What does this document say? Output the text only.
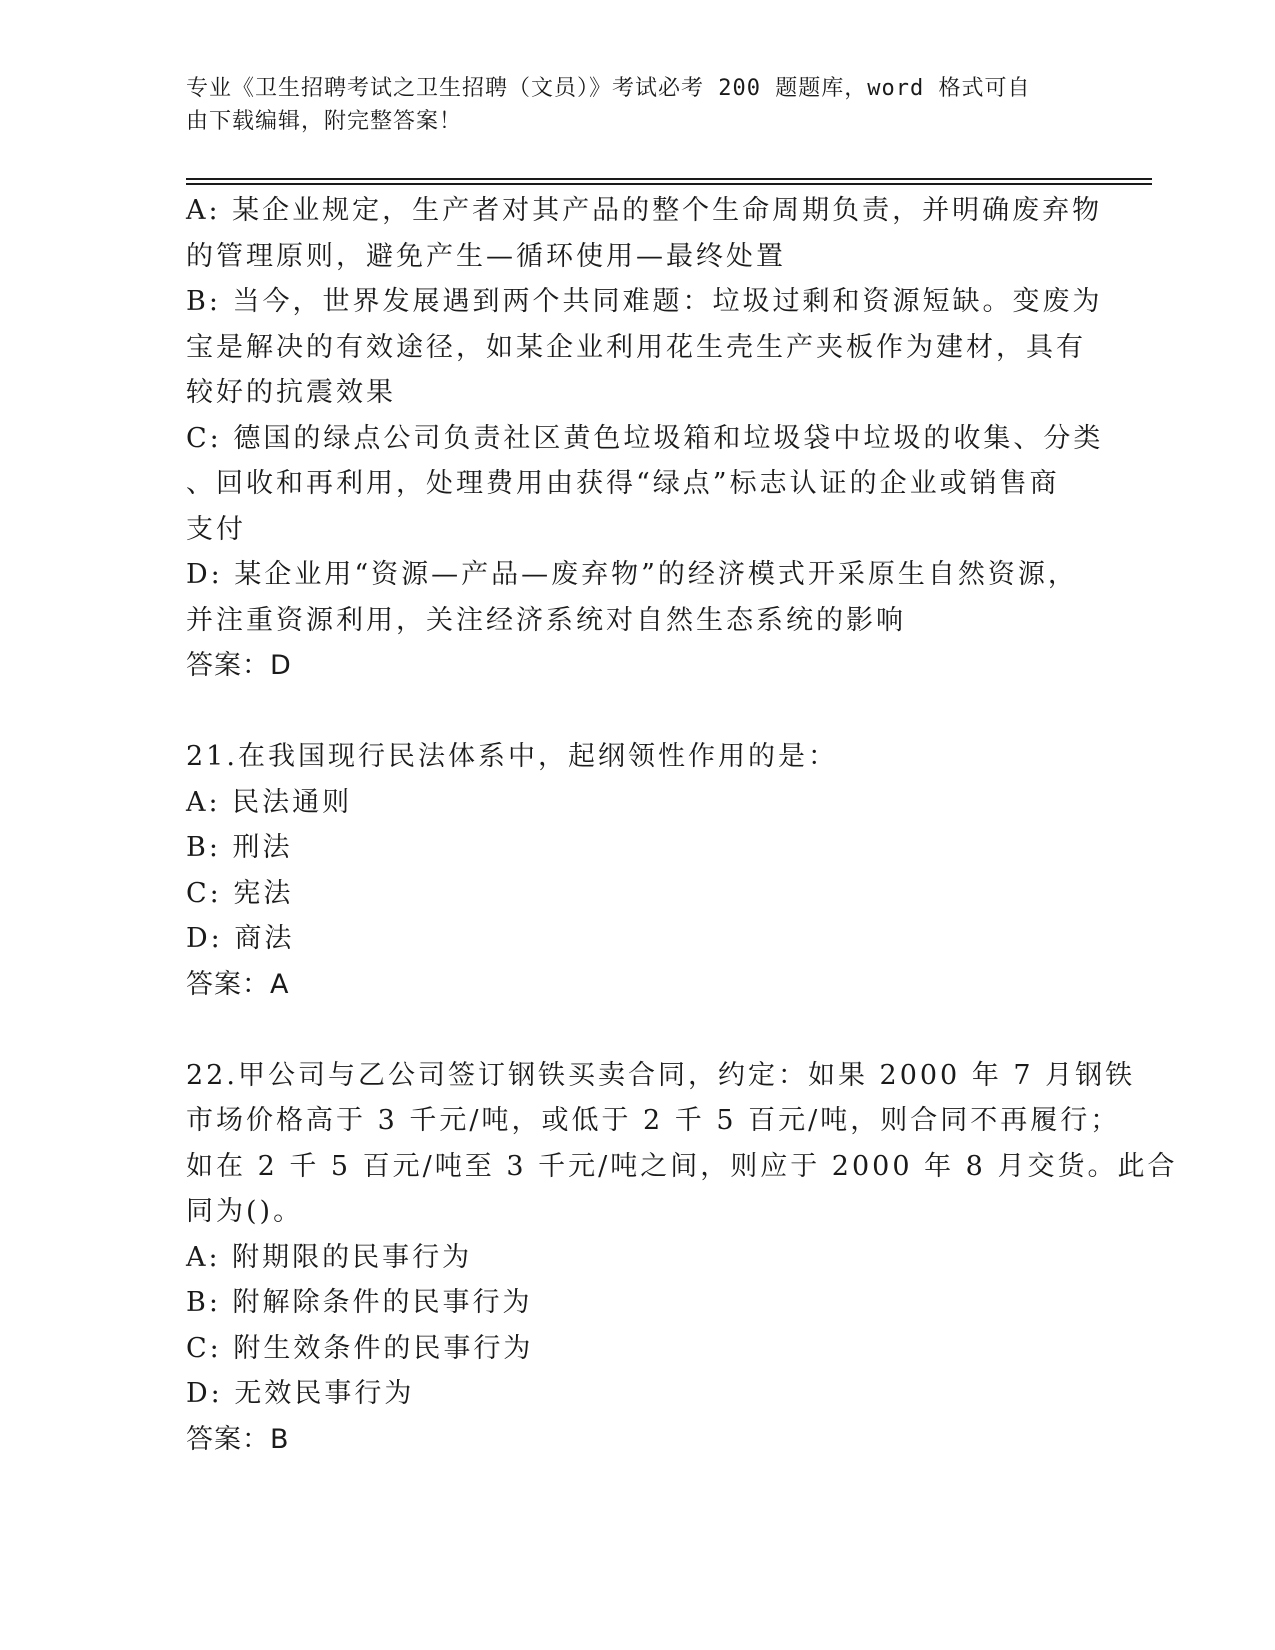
专业《卫生招聘考试之卫生招聘（文员）》考试必考 200 题题库，word 格式可自
由下载编辑，附完整答案！
A: 某企业规定，生产者对其产品的整个生命周期负责，并明确废弃物
的管理原则，避免产生—循环使用—最终处置
B: 当今，世界发展遇到两个共同难题：垃圾过剩和资源短缺。变废为
宝是解决的有效途径，如某企业利用花生壳生产夹板作为建材，具有
较好的抗震效果
C: 德国的绿点公司负责社区黄色垃圾箱和垃圾袋中垃圾的收集、分类
、回收和再利用，处理费用由获得“绿点”标志认证的企业或销售商
支付
D: 某企业用“资源—产品—废弃物”的经济模式开采原生自然资源，
并注重资源利用，关注经济系统对自然生态系统的影响
答案：D
21.在我国现行民法体系中，起纲领性作用的是：
A: 民法通则
B: 刑法
C: 宪法
D: 商法
答案：A
22.甲公司与乙公司签订钢铁买卖合同，约定：如果 2000 年 7 月钢铁
市场价格高于 3 千元/吨，或低于 2 千 5 百元/吨，则合同不再履行；
如在 2 千 5 百元/吨至 3 千元/吨之间，则应于 2000 年 8 月交货。此合
同为()。
A: 附期限的民事行为
B: 附解除条件的民事行为
C: 附生效条件的民事行为
D: 无效民事行为
答案：B
